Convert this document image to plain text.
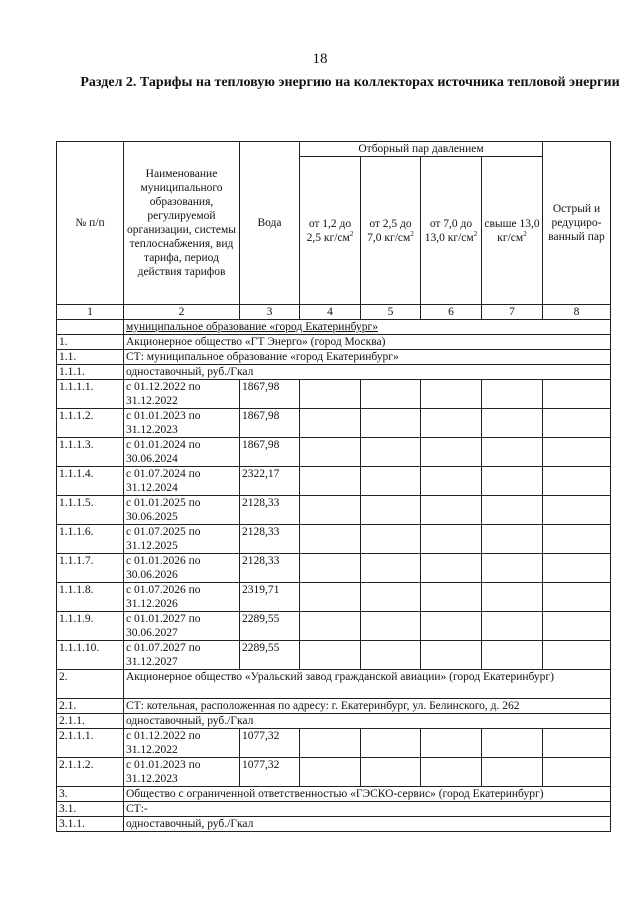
18
Раздел 2. Тарифы на тепловую энергию на коллекторах источника тепловой энергии
№ п/п	Наименование муниципального образования, регулируемой организации, системы теплоснабжения, вид тарифа, период действия тарифов	Вода	Отборный пар давлением				Острый и редуциро-ванный пар
			от 1,2 до 2,5 $кг/см^2$	от 2,5 до 7,0 $кг/см^2$	от 7,0 до 13,0 $кг/см^2$	свыше 13,0 $кг/см^2$
1	2	3	4	5	6	7	8
	муниципальное образование «город Екатеринбург»						
1.	Акционерное общество «ГТ Энерго» (город Москва)						
1.1.	СТ: муниципальное образование «город Екатеринбург»						
1.1.1.	одноставочный, руб./Гкал						
1.1.1.1.	с 01.12.2022 по 31.12.2022	1867,98					
1.1.1.2.	с 01.01.2023 по 31.12.2023	1867,98					
1.1.1.3.	с 01.01.2024 по 30.06.2024	1867,98					
1.1.1.4.	с 01.07.2024 по 31.12.2024	2322,17					
1.1.1.5.	с 01.01.2025 по 30.06.2025	2128,33					
1.1.1.6.	с 01.07.2025 по 31.12.2025	2128,33					
1.1.1.7.	с 01.01.2026 по 30.06.2026	2128,33					
1.1.1.8.	с 01.07.2026 по 31.12.2026	2319,71					
1.1.1.9.	с 01.01.2027 по 30.06.2027	2289,55					
1.1.1.10.	с 01.07.2027 по 31.12.2027	2289,55					
2.	Акционерное общество «Уральский завод гражданской авиации» (город Екатеринбург)						
2.1.	СТ: котельная, расположенная по адресу: г. Екатеринбург, ул. Белинского, д. 262						
2.1.1.	одноставочный, руб./Гкал						
2.1.1.1.	с 01.12.2022 по 31.12.2022	1077,32					
2.1.1.2.	с 01.01.2023 по 31.12.2023	1077,32					
3.	Общество с ограниченной ответственностью «ГЭСКО-сервис» (город Екатеринбург)						
3.1.	СТ:-						
3.1.1.	одноставочный, руб./Гкал						
